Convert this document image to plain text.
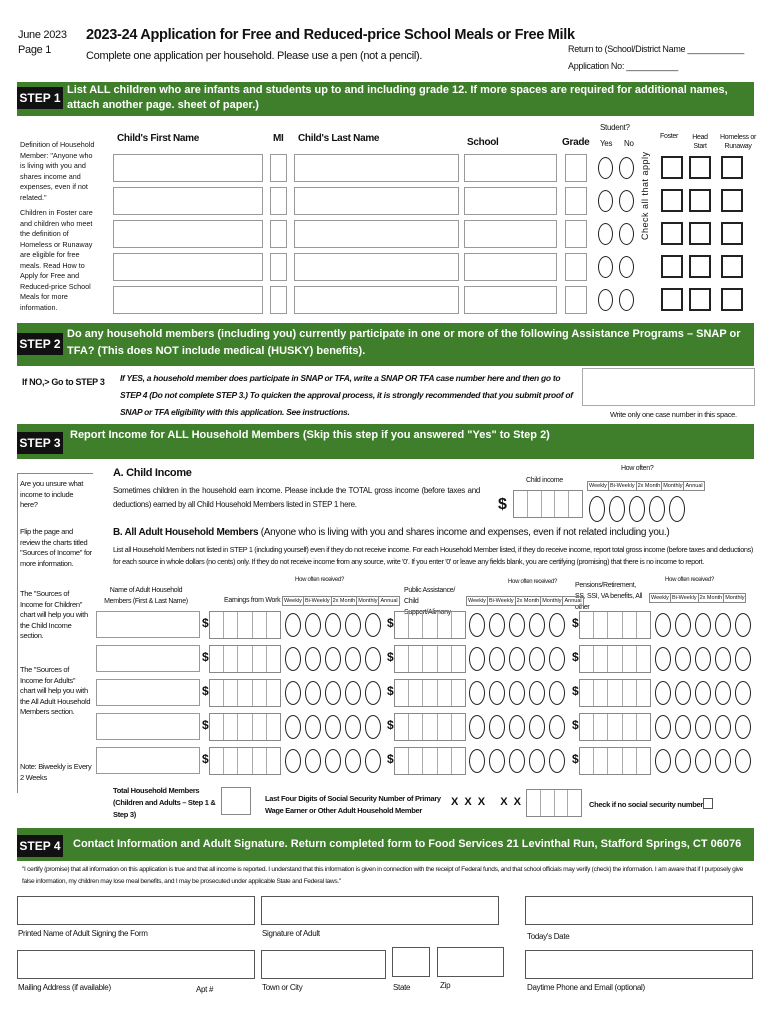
June 2023
Page 1
2023-24 Application for Free and Reduced-price School Meals or Free Milk
Complete one application per household. Please use a pen (not a pencil).
Return to (School/District Name ____________
Application No: ___________
STEP 1
List ALL children who are infants and students up to and including grade 12. If more spaces are required for additional names, attach another page. sheet of paper.)
Definition of Household Member: "Anyone who is living with you and shares income and expenses, even if not related."
Children in Foster care and children who meet the definition of Homeless or Runaway are eligible for free meals. Read How to Apply for Free and Reduced-price School Meals for more information.
Child's First Name	MI Child's Last Name	School	Grade
Student?
Yes No
Foster	Head Start
Homeless or Runaway
Check all that apply
STEP 2
Do any household members (including you) currently participate in one or more of the following Assistance Programs – SNAP or TFA? (This does NOT include medical (HUSKY) benefits).
If NO,> Go to STEP 3 If YES, a household member does participate in SNAP or TFA, write a SNAP OR TFA case number here and then go to STEP 4 (Do not complete STEP 3.) To quicken the approval process, it is strongly recommended that you submit proof of SNAP or TFA eligibility with this application. See instructions.	Write only one case number in this space.
STEP 3
Report Income for ALL Household Members (Skip this step if you answered "Yes" to Step 2)
Are you unsure what income to include here?
Flip the page and review the charts titled "Sources of Income" for more information.
The "Sources of Income for Children" chart will help you with the Child Income section.
The "Sources of Income for Adults" chart will help you with the All Adult Household Members section.
Note: Biweekly is Every 2 Weeks
A. Child Income
Sometimes children in the household earn income. Please include the TOTAL gross income (before taxes and deductions) earned by all Child Household Members listed in STEP 1 here.
Child income
How often?
$
Weekly Bi-Weekly 2x Month Monthly Annual
B. All Adult Household Members (Anyone who is living with you and shares income and expenses, even if not related including you.)
List all Household Members not listed in STEP 1 (including yourself) even if they do not receive income. For each Household Member listed, if they do receive income, report total gross income (before taxes and deductions) for each source in whole dollars (no cents) only. If they do not receive income from any source, write '0'. If you enter '0' or leave any fields blank, you are certifying (promising) that there is no income to report.
Name of Adult Household Members (First & Last Name)	Earnings from Work
How often received?
Public Assistance/ Child Support/Alimony
How often received?	Pensions/Retirement, SS, SSI, VA benefits, All other
How often received?
Weekly Bi-Weekly 2x Month Monthly Annual	Weekly Bi-Weekly 2x Month Monthly Annual	Weekly Bi-Weekly 2x Month Monthly
$	$	$
$	$	$
$	$	$
$	$	$
$	$	$
Total Household Members (Children and Adults – Step 1 & Step 3)
Last Four Digits of Social Security Number of Primary Wage Earner or Other Adult Household Member
X X X   X X	Check if no social security number
STEP 4 Contact Information and Adult Signature. Return completed form to Food Services 21 Levinthal Run, Stafford Springs, CT 06076
"I certify (promise) that all information on this application is true and that all income is reported. I understand that this information is given in connection with the receipt of Federal funds, and that school officials may verify (check) the information. I am aware that if I purposely give false information, my children may lose meal benefits, and I may be prosecuted under applicable State and Federal laws."
Printed Name of Adult Signing the Form	Signature of Adult	Today's Date
Mailing Address (if available)	Apt #	Town or City	State	Zip	Daytime Phone and Email (optional)
